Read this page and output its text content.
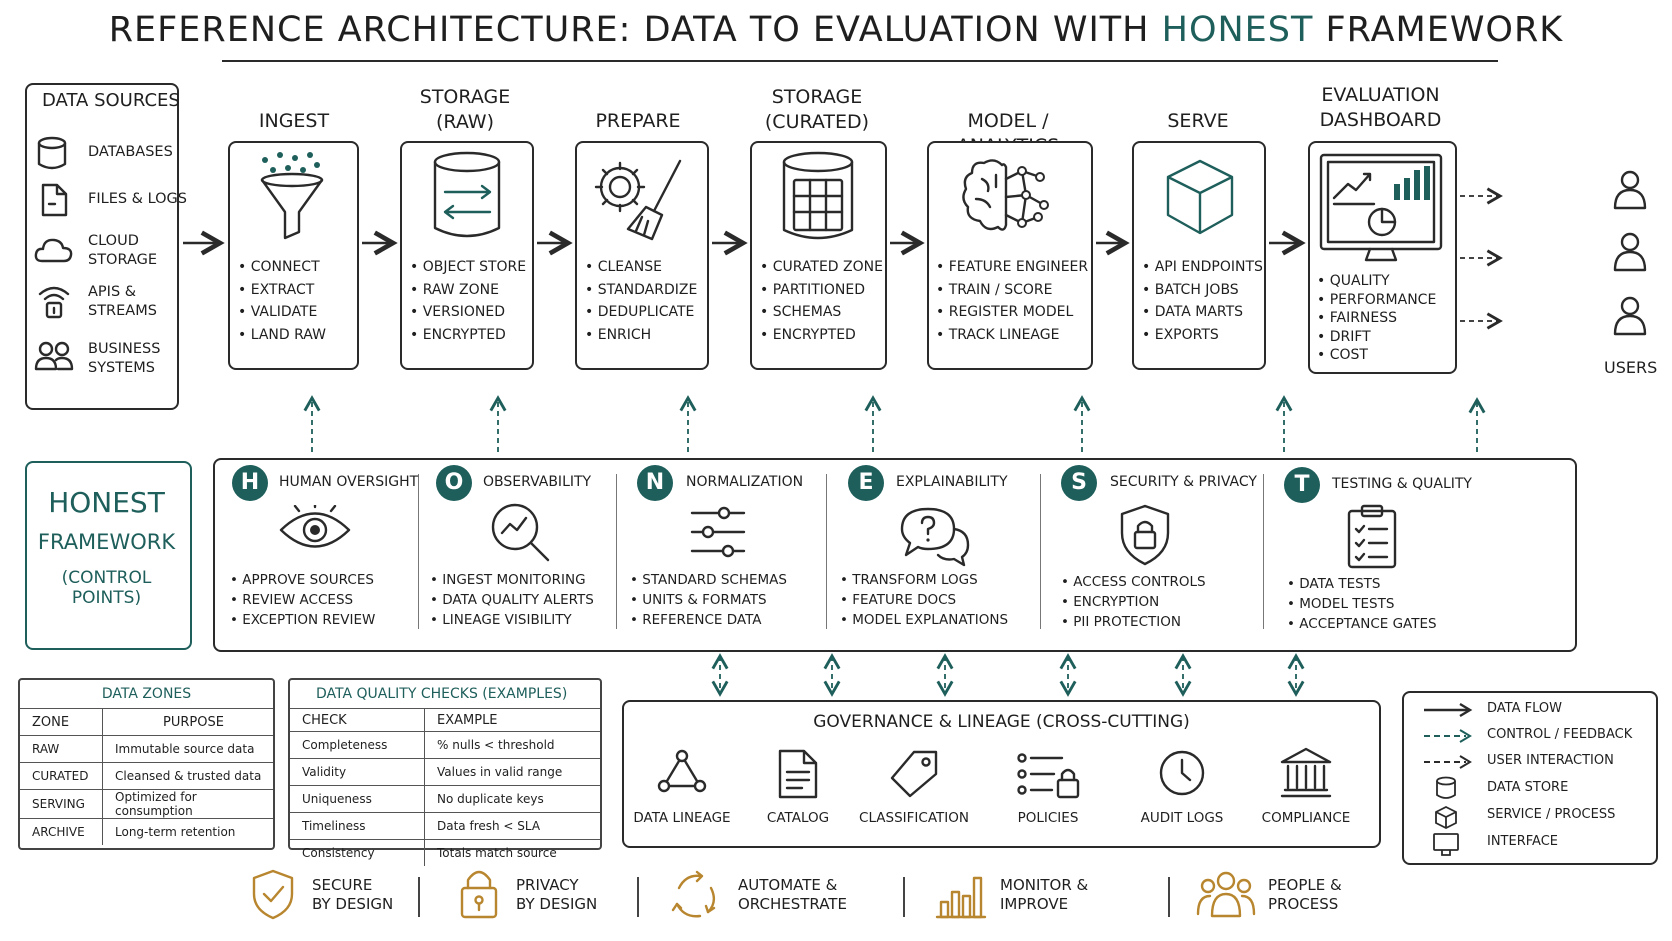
REFERENCE ARCHITECTURE: DATA TO EVALUATION WITH HONEST FRAMEWORK
DATA SOURCES
DATABASES
FILES & LOGS
CLOUD
STORAGE
APIS &
STREAMS
BUSINESS
SYSTEMS
INGEST
STORAGE
(RAW)	PREPARE
STORAGE
(CURATED)	MODEL /	SERVE
EVALUATION
DASHBOARD
• CONNECT
• EXTRACT
• VALIDATE
• LAND RAW
• OBJECT STORE
• RAW ZONE
• VERSIONED
• ENCRYPTED
• CLEANSE
• STANDARDIZE
• DEDUPLICATE
• ENRICH
• CURATED ZONE
• PARTITIONED
• SCHEMAS
• ENCRYPTED
• FEATURE ENGINEER
• TRAIN / SCORE
• REGISTER MODEL
• TRACK LINEAGE
• API ENDPOINTS
• BATCH JOBS
• DATA MARTS
• EXPORTS
• QUALITY
• PERFORMANCE
• FAIRNESS
• DRIFT
• COST
USERS
HONEST
FRAMEWORK
(CONTROL POINTS)
H	HUMAN OVERSIGHT
• APPROVE SOURCES
• REVIEW ACCESS
• EXCEPTION REVIEW
O	OBSERVABILITY
• INGEST MONITORING
• DATA QUALITY ALERTS
• LINEAGE VISIBILITY
N	NORMALIZATION
• STANDARD SCHEMAS
• UNITS & FORMATS
• REFERENCE DATA
E	EXPLAINABILITY
• TRANSFORM LOGS
• FEATURE DOCS
• MODEL EXPLANATIONS
S	SECURITY & PRIVACY
• ACCESS CONTROLS
• ENCRYPTION
• PII PROTECTION
T	TESTING & QUALITY
• DATA TESTS
• MODEL TESTS
• ACCEPTANCE GATES
DATA ZONES
ZONE	PURPOSE
RAW	Immutable source data
CURATED	Cleansed & trusted data
SERVING	Optimized for consumption
ARCHIVE	Long-term retention
DATA QUALITY CHECKS (EXAMPLES)
CHECK	EXAMPLE
Completeness	% nulls < threshold
Validity	Values in valid range
Uniqueness	No duplicate keys
Timeliness	Data fresh < SLA
Consistency	Totals match source
GOVERNANCE & LINEAGE (CROSS-CUTTING)
DATA LINEAGE	CATALOG	CLASSIFICATION	POLICIES	AUDIT LOGS	COMPLIANCE
DATA FLOW
CONTROL / FEEDBACK
USER INTERACTION
DATA STORE
SERVICE / PROCESS
INTERFACE
SECURE
BY DESIGN
PRIVACY
BY DESIGN
AUTOMATE &
ORCHESTRATE
MONITOR &
IMPROVE
PEOPLE &
PROCESS
